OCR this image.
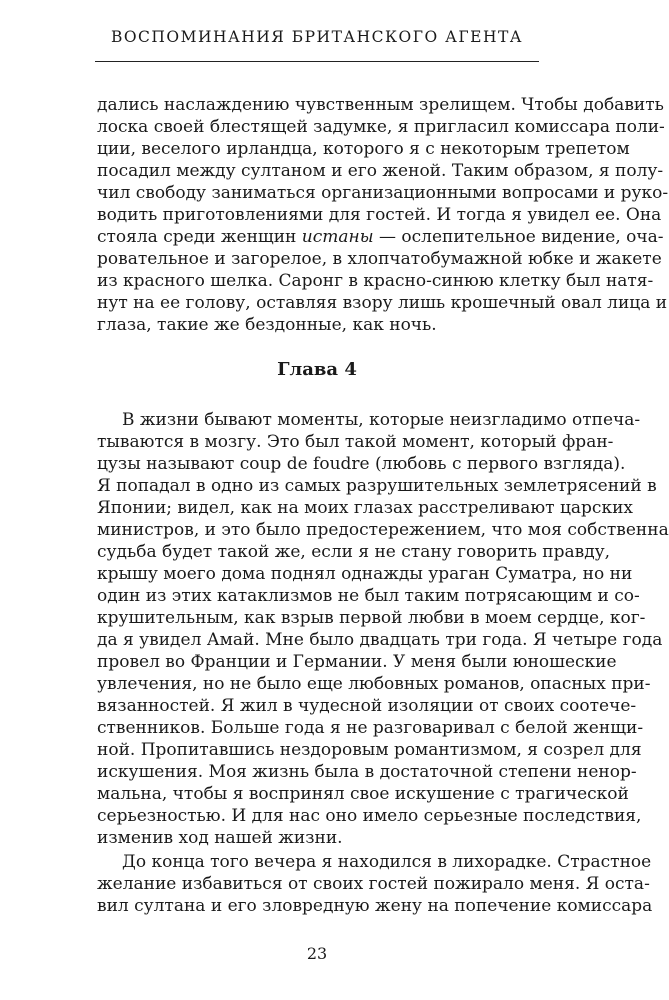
ВОСПОМИНАНИЯ БРИТАНСКОГО АГЕНТА
дались наслаждению чувственным зрелищем. Чтобы добавить
лоска своей блестящей задумке, я пригласил комиссара поли-
ции, веселого ирландца, которого я с некоторым трепетом
посадил между султаном и его женой. Таким образом, я полу-
чил свободу заниматься организационными вопросами и руко-
водить приготовлениями для гостей. И тогда я увидел ее. Она
стояла среди женщин истаны — ослепительное видение, оча-
ровательное и загорелое, в хлопчатобумажной юбке и жакете
из красного шелка. Саронг в красно-синюю клетку был натя-
нут на ее голову, оставляя взору лишь крошечный овал лица и
глаза, такие же бездонные, как ночь.
Глава 4
В жизни бывают моменты, которые неизгладимо отпеча-
тываются в мозгу. Это был такой момент, который фран-
цузы называют coup de foudre (любовь с первого взгляда).
Я попадал в одно из самых разрушительных землетрясений в
Японии; видел, как на моих глазах расстреливают царских
министров, и это было предостережением, что моя собственна
судьба будет такой же, если я не стану говорить правду,
крышу моего дома поднял однажды ураган Суматра, но ни
один из этих катаклизмов не был таким потрясающим и со-
крушительным, как взрыв первой любви в моем сердце, ког-
да я увидел Амай. Мне было двадцать три года. Я четыре года
провел во Франции и Германии. У меня были юношеские
увлечения, но не было еще любовных романов, опасных при-
вязанностей. Я жил в чудесной изоляции от своих соотече-
ственников. Больше года я не разговаривал с белой женщи-
ной. Пропитавшись нездоровым романтизмом, я созрел для
искушения. Моя жизнь была в достаточной степени ненор-
мальна, чтобы я воспринял свое искушение с трагической
серьезностью. И для нас оно имело серьезные последствия,
изменив ход нашей жизни.
До конца того вечера я находился в лихорадке. Страстное
желание избавиться от своих гостей пожирало меня. Я оста-
вил султана и его зловредную жену на попечение комиссара
23
